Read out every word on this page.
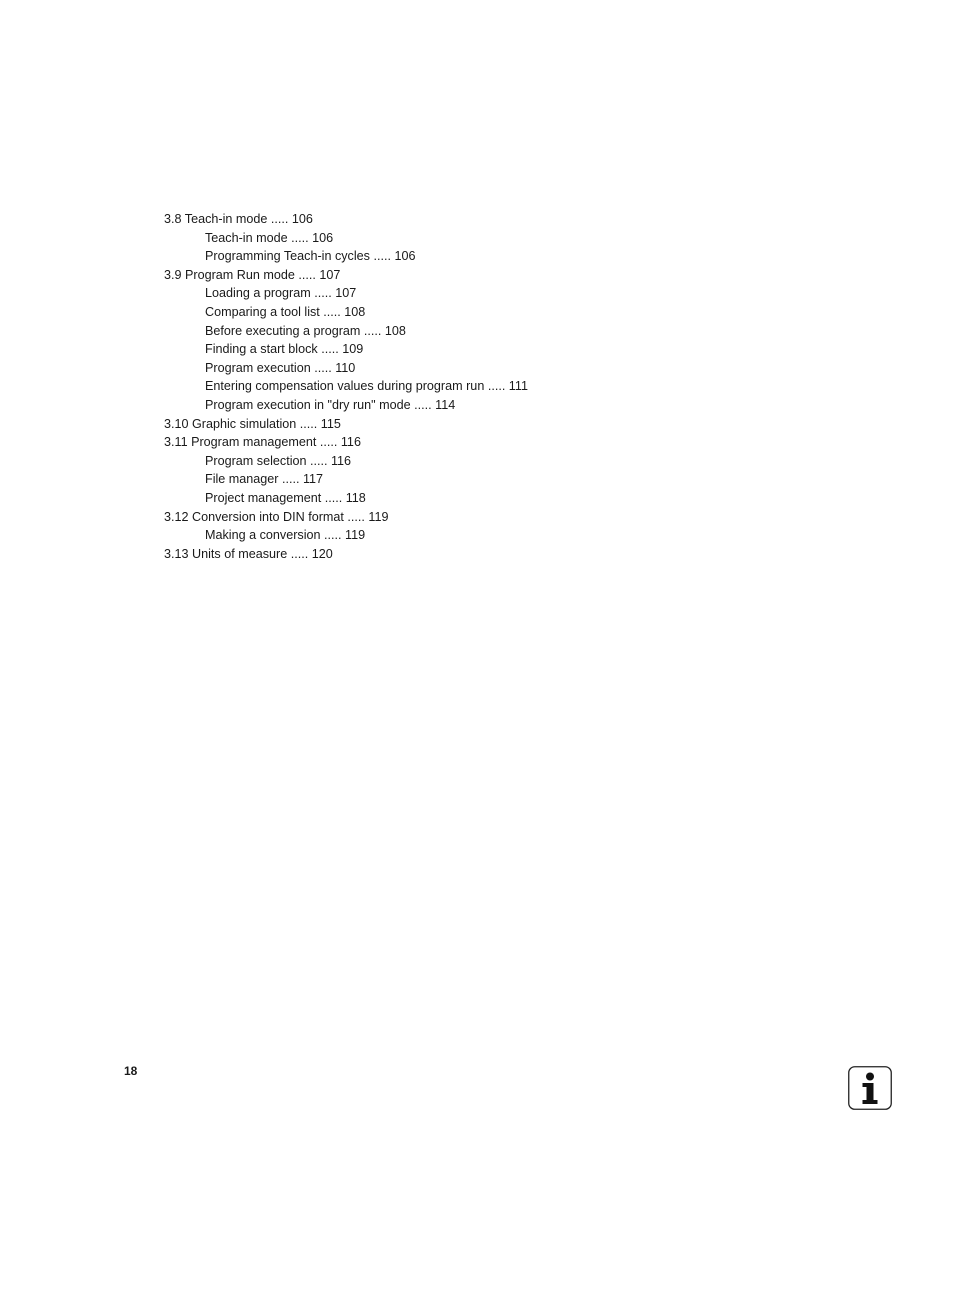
3.8 Teach-in mode ..... 106
Teach-in mode ..... 106
Programming Teach-in cycles ..... 106
3.9 Program Run mode ..... 107
Loading a program ..... 107
Comparing a tool list ..... 108
Before executing a program ..... 108
Finding a start block ..... 109
Program execution ..... 110
Entering compensation values during program run ..... 111
Program execution in "dry run" mode ..... 114
3.10 Graphic simulation ..... 115
3.11 Program management ..... 116
Program selection ..... 116
File manager ..... 117
Project management ..... 118
3.12 Conversion into DIN format ..... 119
Making a conversion ..... 119
3.13 Units of measure ..... 120
18
